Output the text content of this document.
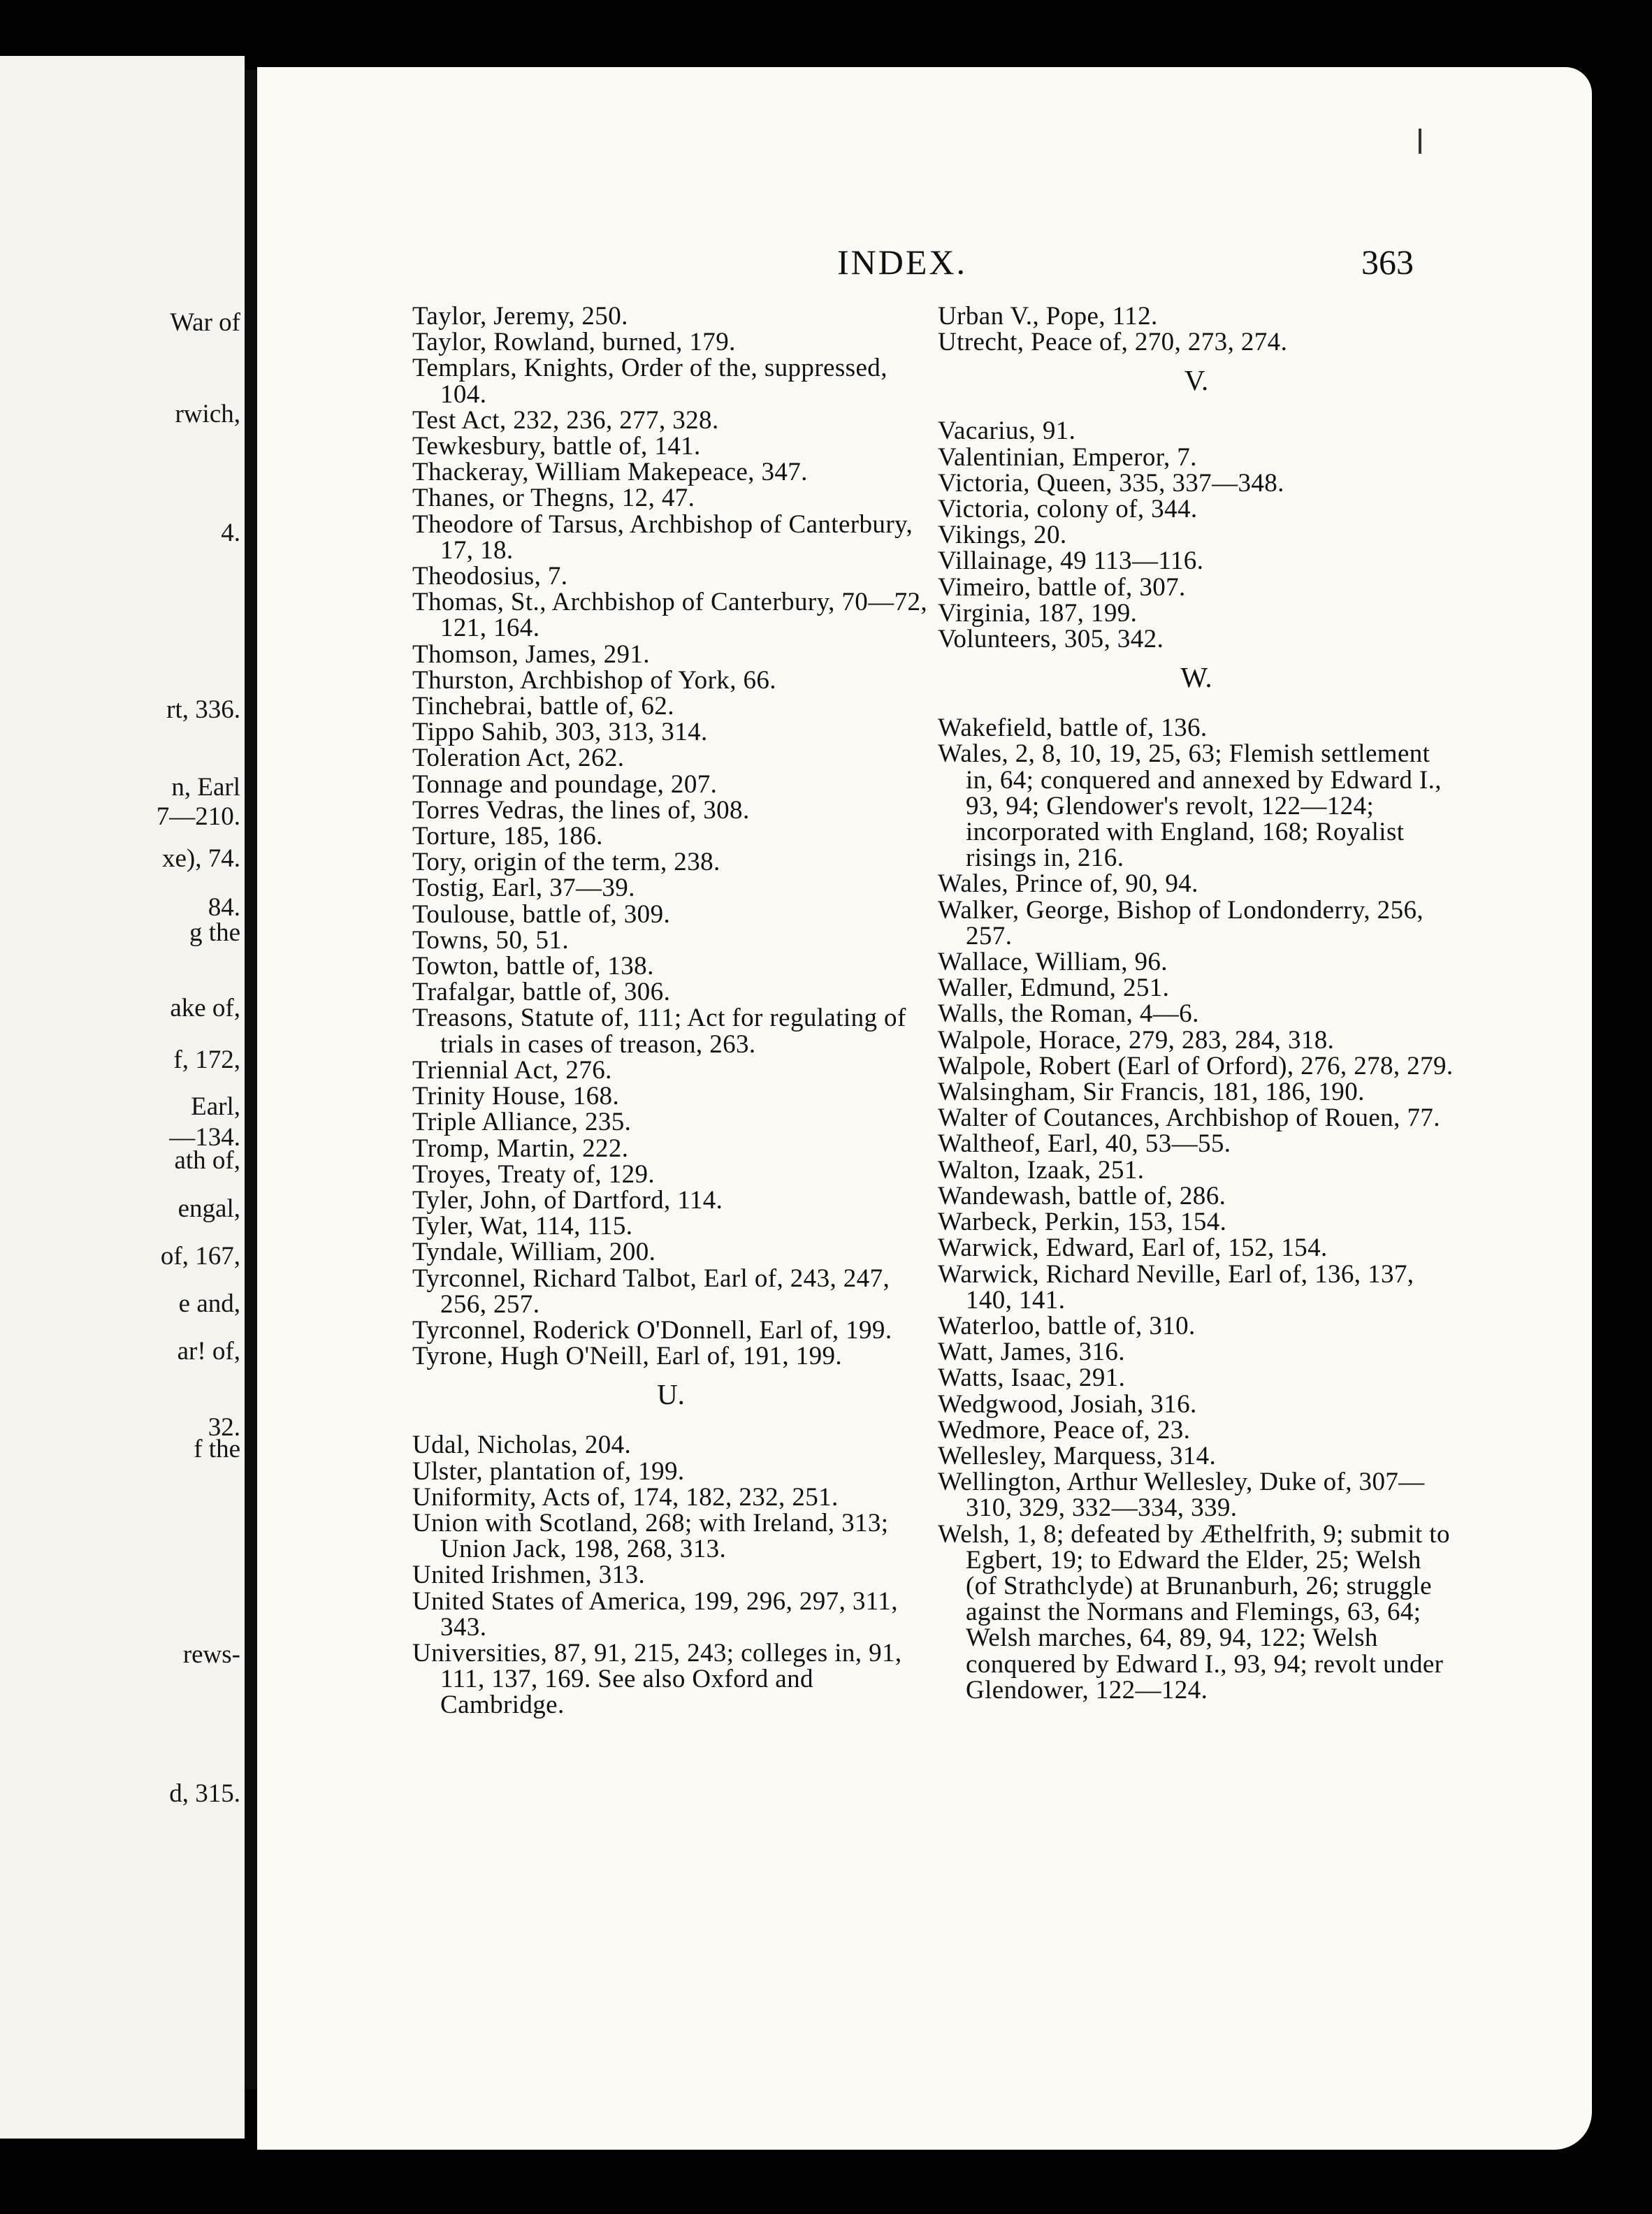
War of
rwich,
4.
rt, 336.
n, Earl
7—210.
xe), 74.
84.
g the
ake of,
f, 172,
Earl,
—134.
ath of,
engal,
of, 167,
e and,
ar! of,
32.
f the
rews-
d, 315.
INDEX.	363
Taylor, Jeremy, 250.
Taylor, Rowland, burned, 179.
Templars, Knights, Order of the, suppressed, 104.
Test Act, 232, 236, 277, 328.
Tewkesbury, battle of, 141.
Thackeray, William Makepeace, 347.
Thanes, or Thegns, 12, 47.
Theodore of Tarsus, Archbishop of Canterbury, 17, 18.
Theodosius, 7.
Thomas, St., Archbishop of Canterbury, 70—72, 121, 164.
Thomson, James, 291.
Thurston, Archbishop of York, 66.
Tinchebrai, battle of, 62.
Tippo Sahib, 303, 313, 314.
Toleration Act, 262.
Tonnage and poundage, 207.
Torres Vedras, the lines of, 308.
Torture, 185, 186.
Tory, origin of the term, 238.
Tostig, Earl, 37—39.
Toulouse, battle of, 309.
Towns, 50, 51.
Towton, battle of, 138.
Trafalgar, battle of, 306.
Treasons, Statute of, 111; Act for regulating of trials in cases of treason, 263.
Triennial Act, 276.
Trinity House, 168.
Triple Alliance, 235.
Tromp, Martin, 222.
Troyes, Treaty of, 129.
Tyler, John, of Dartford, 114.
Tyler, Wat, 114, 115.
Tyndale, William, 200.
Tyrconnel, Richard Talbot, Earl of, 243, 247, 256, 257.
Tyrconnel, Roderick O'Donnell, Earl of, 199.
Tyrone, Hugh O'Neill, Earl of, 191, 199.
U.
Udal, Nicholas, 204.
Ulster, plantation of, 199.
Uniformity, Acts of, 174, 182, 232, 251.
Union with Scotland, 268; with Ireland, 313; Union Jack, 198, 268, 313.
United Irishmen, 313.
United States of America, 199, 296, 297, 311, 343.
Universities, 87, 91, 215, 243; colleges in, 91, 111, 137, 169. See also Oxford and Cambridge.
Urban V., Pope, 112.
Utrecht, Peace of, 270, 273, 274.
V.
Vacarius, 91.
Valentinian, Emperor, 7.
Victoria, Queen, 335, 337—348.
Victoria, colony of, 344.
Vikings, 20.
Villainage, 49 113—116.
Vimeiro, battle of, 307.
Virginia, 187, 199.
Volunteers, 305, 342.
W.
Wakefield, battle of, 136.
Wales, 2, 8, 10, 19, 25, 63; Flemish settlement in, 64; conquered and annexed by Edward I., 93, 94; Glendower's revolt, 122—124; incorporated with England, 168; Royalist risings in, 216.
Wales, Prince of, 90, 94.
Walker, George, Bishop of Londonderry, 256, 257.
Wallace, William, 96.
Waller, Edmund, 251.
Walls, the Roman, 4—6.
Walpole, Horace, 279, 283, 284, 318.
Walpole, Robert (Earl of Orford), 276, 278, 279.
Walsingham, Sir Francis, 181, 186, 190.
Walter of Coutances, Archbishop of Rouen, 77.
Waltheof, Earl, 40, 53—55.
Walton, Izaak, 251.
Wandewash, battle of, 286.
Warbeck, Perkin, 153, 154.
Warwick, Edward, Earl of, 152, 154.
Warwick, Richard Neville, Earl of, 136, 137, 140, 141.
Waterloo, battle of, 310.
Watt, James, 316.
Watts, Isaac, 291.
Wedgwood, Josiah, 316.
Wedmore, Peace of, 23.
Wellesley, Marquess, 314.
Wellington, Arthur Wellesley, Duke of, 307—310, 329, 332—334, 339.
Welsh, 1, 8; defeated by Æthelfrith, 9; submit to Egbert, 19; to Edward the Elder, 25; Welsh (of Strathclyde) at Brunanburh, 26; struggle against the Normans and Flemings, 63, 64; Welsh marches, 64, 89, 94, 122; Welsh conquered by Edward I., 93, 94; revolt under Glendower, 122—124.
